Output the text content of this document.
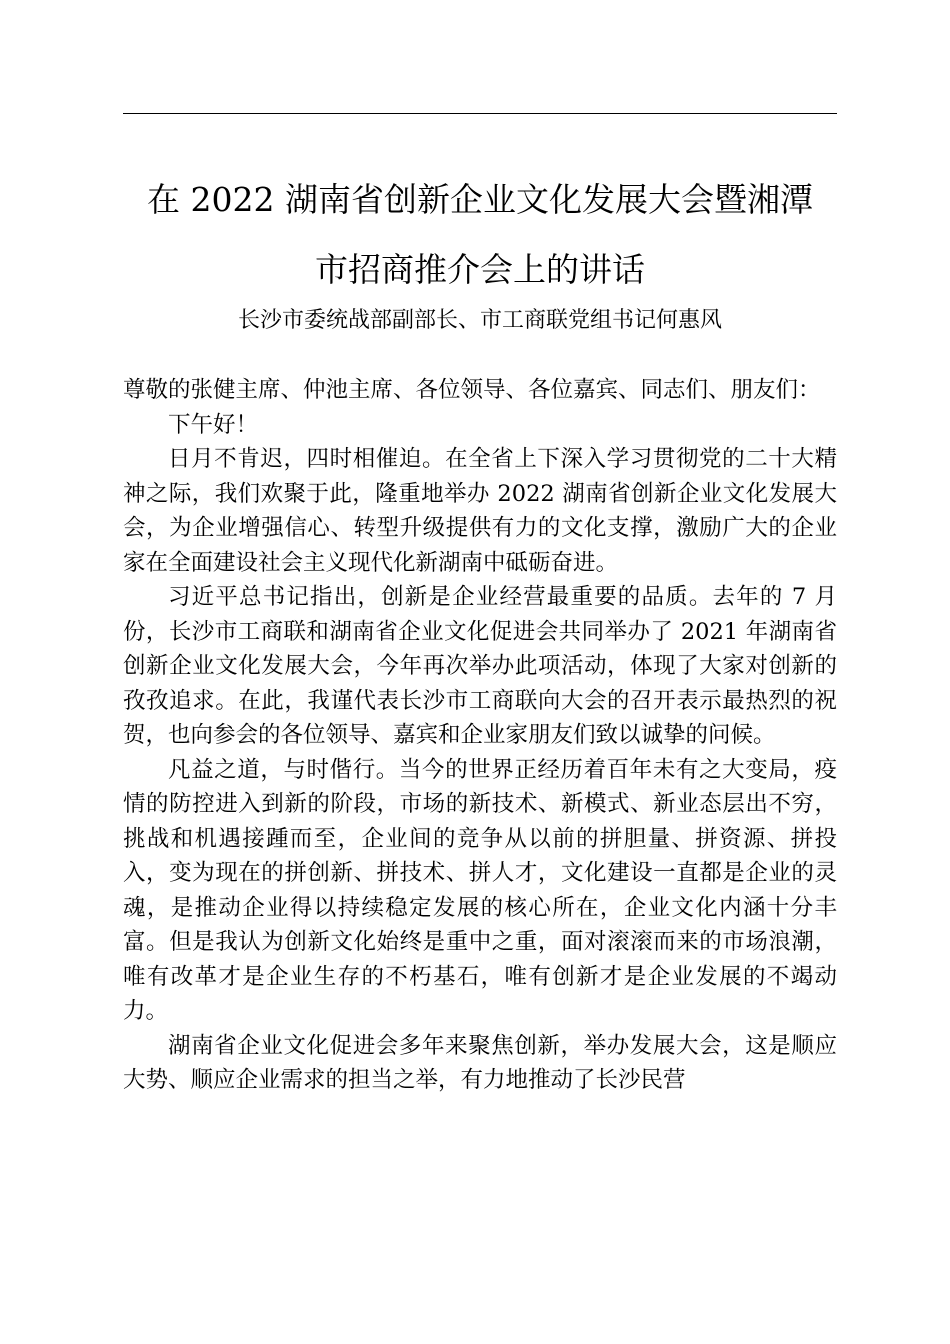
在 2022 湖南省创新企业文化发展大会暨湘潭
市招商推介会上的讲话
长沙市委统战部副部长、市工商联党组书记何惠风

尊敬的张健主席、仲池主席、各位领导、各位嘉宾、同志们、朋友们：

下午好！

日月不肯迟，四时相催迫。在全省上下深入学习贯彻党的二十大精神之际，我们欢聚于此，隆重地举办 2022 湖南省创新企业文化发展大会，为企业增强信心、转型升级提供有力的文化支撑，激励广大的企业家在全面建设社会主义现代化新湖南中砥砺奋进。

习近平总书记指出，创新是企业经营最重要的品质。去年的 7 月份，长沙市工商联和湖南省企业文化促进会共同举办了 2021 年湖南省创新企业文化发展大会，今年再次举办此项活动，体现了大家对创新的孜孜追求。在此，我谨代表长沙市工商联向大会的召开表示最热烈的祝贺，也向参会的各位领导、嘉宾和企业家朋友们致以诚挚的问候。

凡益之道，与时偕行。当今的世界正经历着百年未有之大变局，疫情的防控进入到新的阶段，市场的新技术、新模式、新业态层出不穷，挑战和机遇接踵而至，企业间的竞争从以前的拼胆量、拼资源、拼投入，变为现在的拼创新、拼技术、拼人才，文化建设一直都是企业的灵魂，是推动企业得以持续稳定发展的核心所在，企业文化内涵十分丰富。但是我认为创新文化始终是重中之重，面对滚滚而来的市场浪潮，唯有改革才是企业生存的不朽基石，唯有创新才是企业发展的不竭动力。

湖南省企业文化促进会多年来聚焦创新，举办发展大会，这是顺应大势、顺应企业需求的担当之举，有力地推动了长沙民营
